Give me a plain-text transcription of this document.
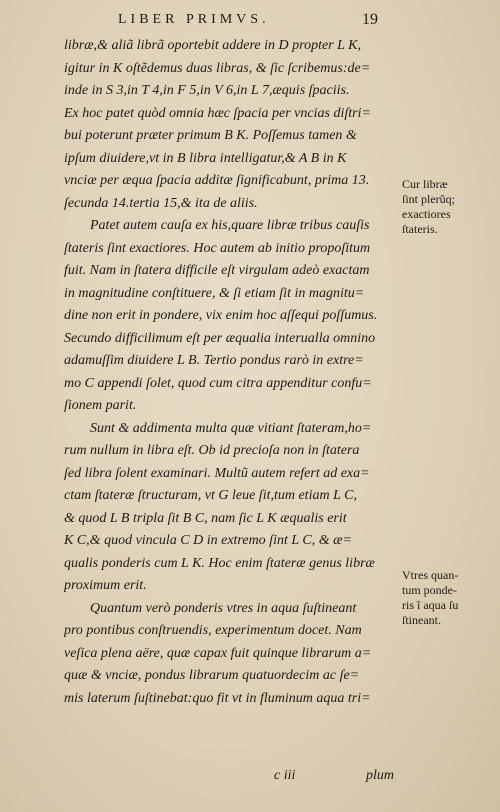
LIBER PRIMVS.	19
libræ,& aliã librã oportebit addere in D propter L K,
igitur in K oſtẽdemus duas libras, & ſic ſcribemus:de=
inde in S 3,in T 4,in F 5,in V 6,in L 7,æquis ſpaciis.
Ex hoc patet quòd omnia hæc ſpacia per vncias diſtri=
bui poterunt præter primum B K. Poſſemus tamen &
ipſum diuidere,vt in B libra intelligatur,& A B in K
vnciæ per æqua ſpacia additæ ſignificabunt, prima 13.
ſecunda 14.tertia 15,& ita de aliis.
Patet autem cauſa ex his,quare libræ tribus cauſis
ſtateris ſint exactiores. Hoc autem ab initio propoſitum
fuit. Nam in ſtatera difficile eſt virgulam adeò exactam
in magnitudine conſtituere, & ſi etiam ſit in magnitu=
dine non erit in pondere, vix enim hoc aſſequi poſſumus.
Secundo difficilimum eſt per æqualia interualla omnino
adamuſſim diuidere L B. Tertio pondus rarò in extre=
mo C appendi ſolet, quod cum citra appenditur confu=
ſionem parit.
Sunt & addimenta multa quæ vitiant ſtateram,ho=
rum nullum in libra eſt. Ob id precioſa non in ſtatera
ſed libra ſolent examinari. Multũ autem refert ad exa=
ctam ſtateræ ſtructuram, vt G leue ſit,tum etiam L C,
& quod L B tripla ſit B C, nam ſic L K æqualis erit
K C,& quod vincula C D in extremo ſint L C, & æ=
qualis ponderis cum L K. Hoc enim ſtateræ genus libræ
proximum erit.
Quantum verò ponderis vtres in aqua ſuſtineant
pro pontibus conſtruendis, experimentum docet. Nam
veſica plena aëre, quæ capax fuit quinque librarum a=
quæ & vnciæ, pondus librarum quatuordecim ac ſe=
mis laterum ſuſtinebat:quo fit vt in fluminum aqua tri=
Cur libræ
ſint plerũq;
exactiores
ſtateris.
Vtres quan-
tum ponde-
ris ĩ aqua ſu
ſtineant.
c iii	plum
